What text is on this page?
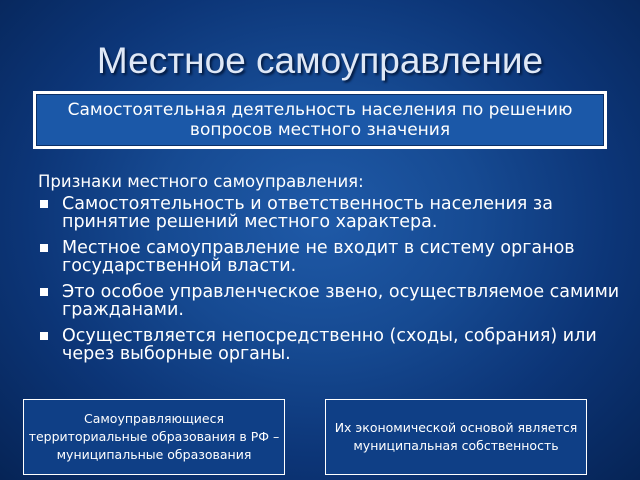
Местное самоуправление
Самостоятельная деятельность населения по решению вопросов местного значения
Признаки местного самоуправления:
Самостоятельность и ответственность населения за принятие решений местного характера.
Местное самоуправление не входит в систему органов государственной власти.
Это особое управленческое звено, осуществляемое самими гражданами.
Осуществляется непосредственно (сходы, собрания) или через выборные органы.
Самоуправляющиеся территориальные образования в РФ – муниципальные образования
Их экономической основой является муниципальная собственность
